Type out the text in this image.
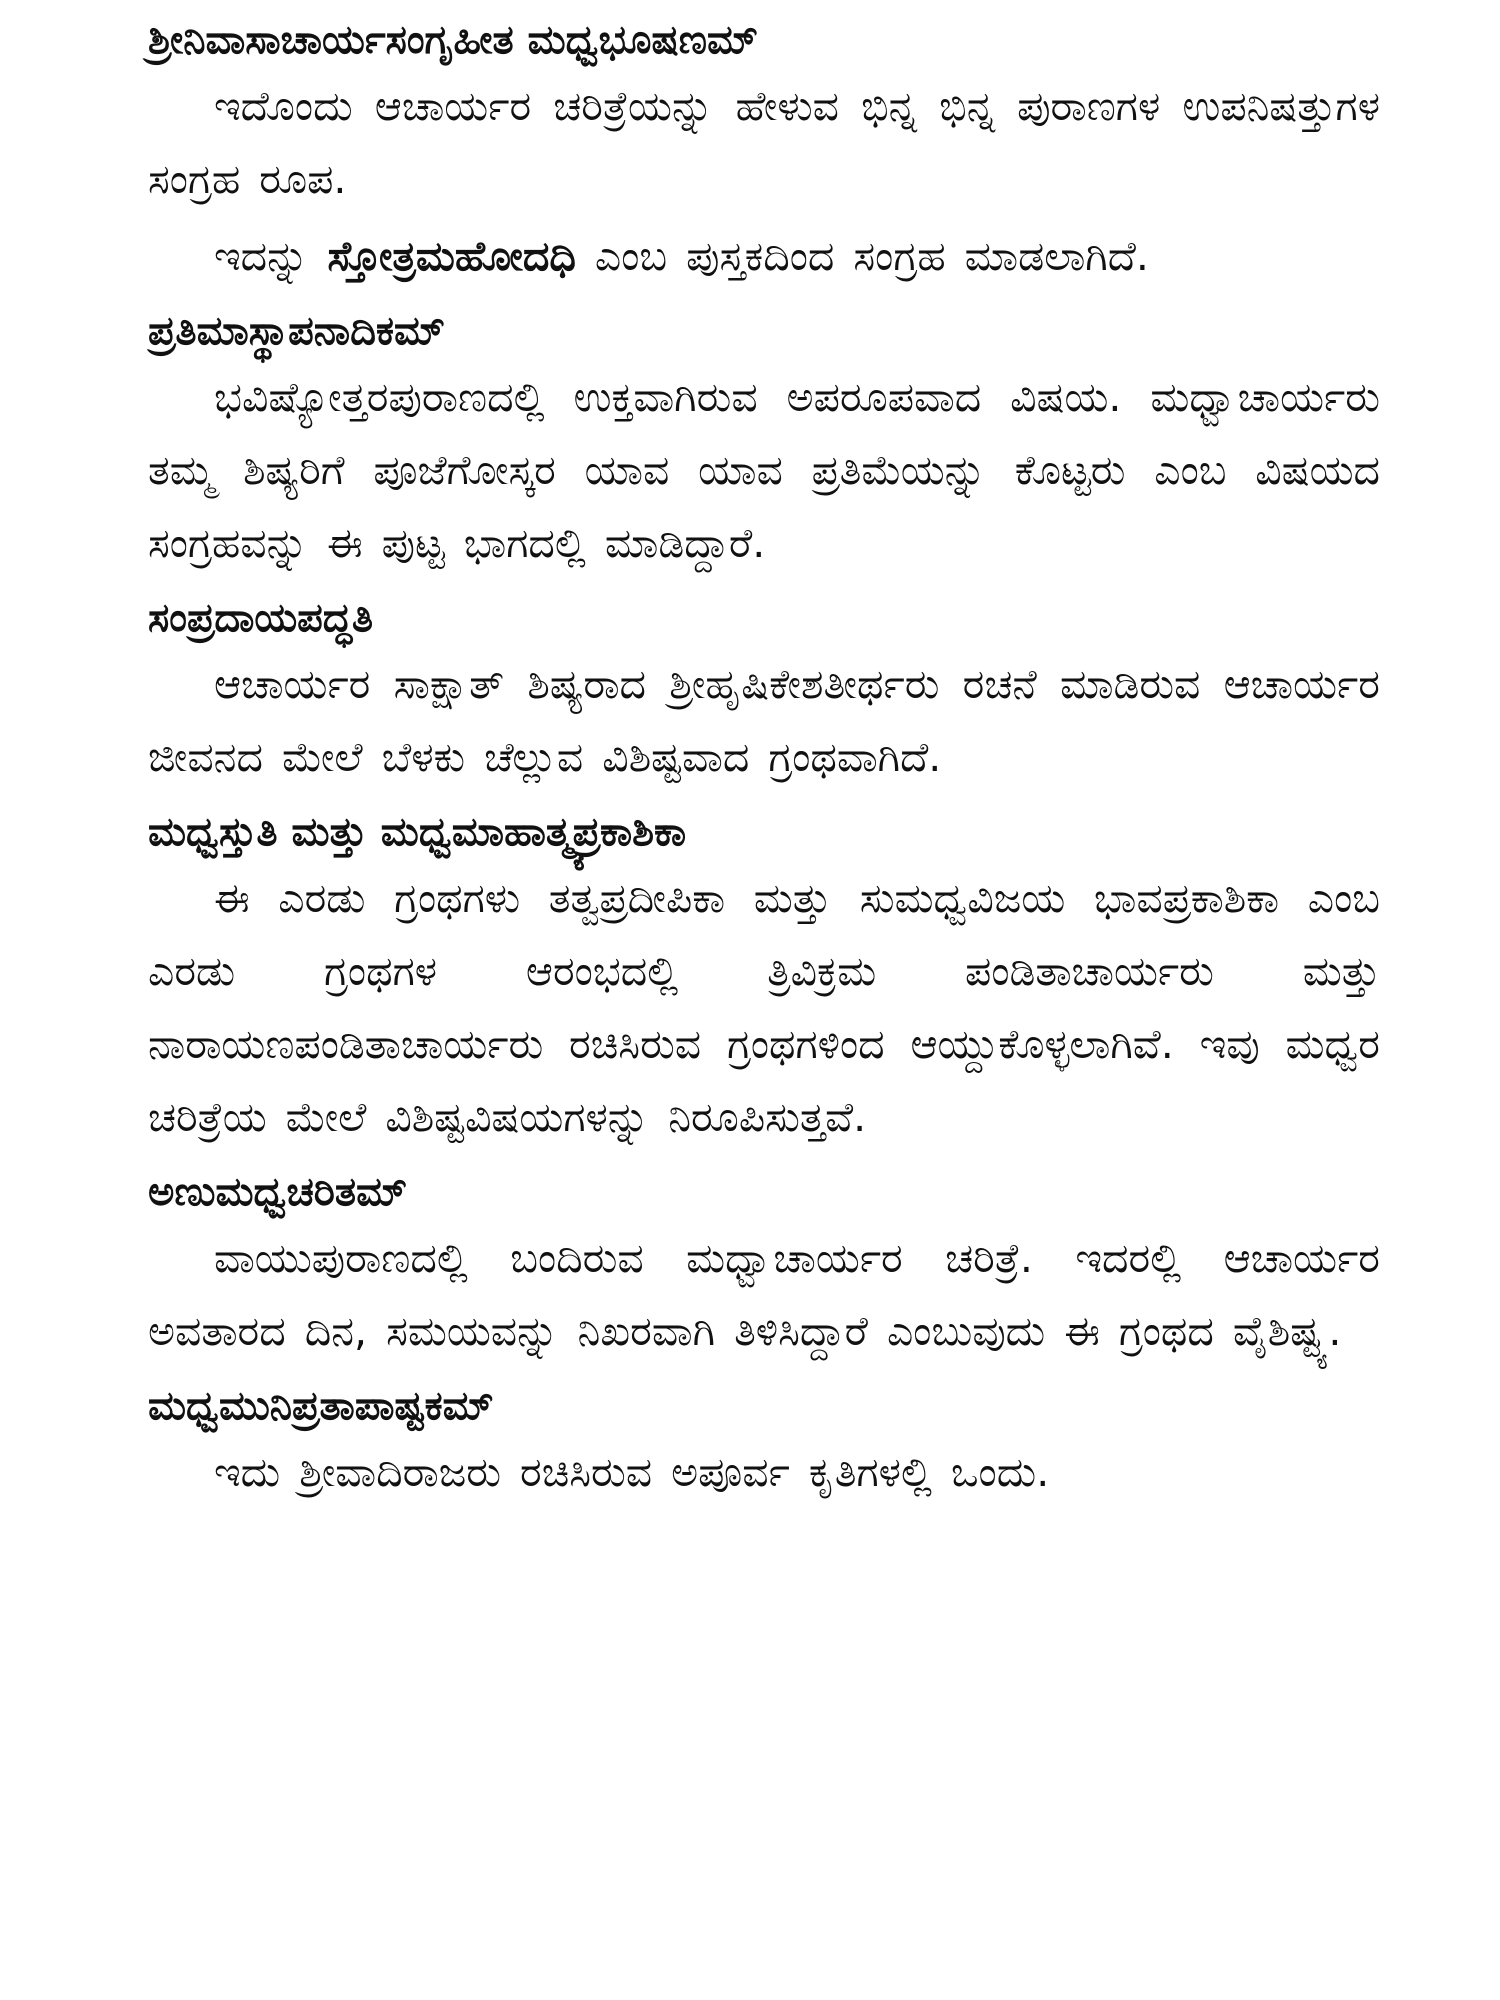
ಶ್ರೀನಿವಾಸಾಚಾರ್ಯಸಂಗೃಹೀತ ಮಧ್ವಭೂಷಣಮ್

ಇದೊಂದು ಆಚಾರ್ಯರ ಚರಿತ್ರೆಯನ್ನು ಹೇಳುವ ಭಿನ್ನ ಭಿನ್ನ ಪುರಾಣಗಳ ಉಪನಿಷತ್ತುಗಳ ಸಂಗ್ರಹ ರೂಪ.

ಇದನ್ನು ಸ್ತೋತ್ರಮಹೋದಧಿ ಎಂಬ ಪುಸ್ತಕದಿಂದ ಸಂಗ್ರಹ ಮಾಡಲಾಗಿದೆ.

ಪ್ರತಿಮಾಸ್ಥಾಪನಾದಿಕಮ್

ಭವಿಷ್ಯೋತ್ತರಪುರಾಣದಲ್ಲಿ ಉಕ್ತವಾಗಿರುವ ಅಪರೂಪವಾದ ವಿಷಯ. ಮಧ್ವಾಚಾರ್ಯರು ತಮ್ಮ ಶಿಷ್ಯರಿಗೆ ಪೂಜೆಗೋಸ್ಕರ ಯಾವ ಯಾವ ಪ್ರತಿಮೆಯನ್ನು ಕೊಟ್ಟರು ಎಂಬ ವಿಷಯದ ಸಂಗ್ರಹವನ್ನು ಈ ಪುಟ್ಟ ಭಾಗದಲ್ಲಿ ಮಾಡಿದ್ದಾರೆ.

ಸಂಪ್ರದಾಯಪದ್ಧತಿ

ಆಚಾರ್ಯರ ಸಾಕ್ಷಾತ್ ಶಿಷ್ಯರಾದ ಶ್ರೀಹೃಷಿಕೇಶತೀರ್ಥರು ರಚನೆ ಮಾಡಿರುವ ಆಚಾರ್ಯರ ಜೀವನದ ಮೇಲೆ ಬೆಳಕು ಚೆಲ್ಲುವ ವಿಶಿಷ್ಟವಾದ ಗ್ರಂಥವಾಗಿದೆ.

ಮಧ್ವಸ್ತುತಿ ಮತ್ತು ಮಧ್ವಮಾಹಾತ್ಮ್ಯಪ್ರಕಾಶಿಕಾ

ಈ ಎರಡು ಗ್ರಂಥಗಳು ತತ್ವಪ್ರದೀಪಿಕಾ ಮತ್ತು ಸುಮಧ್ವವಿಜಯ ಭಾವಪ್ರಕಾಶಿಕಾ ಎಂಬ ಎರಡು ಗ್ರಂಥಗಳ ಆರಂಭದಲ್ಲಿ ತ್ರಿವಿಕ್ರಮ ಪಂಡಿತಾಚಾರ್ಯರು ಮತ್ತು ನಾರಾಯಣಪಂಡಿತಾಚಾರ್ಯರು ರಚಿಸಿರುವ ಗ್ರಂಥಗಳಿಂದ ಆಯ್ದುಕೊಳ್ಳಲಾಗಿವೆ. ಇವು ಮಧ್ವರ ಚರಿತ್ರೆಯ ಮೇಲೆ ವಿಶಿಷ್ಟವಿಷಯಗಳನ್ನು ನಿರೂಪಿಸುತ್ತವೆ.

ಅಣುಮಧ್ವಚರಿತಮ್

ವಾಯುಪುರಾಣದಲ್ಲಿ ಬಂದಿರುವ ಮಧ್ವಾಚಾರ್ಯರ ಚರಿತ್ರೆ. ಇದರಲ್ಲಿ ಆಚಾರ್ಯರ ಅವತಾರದ ದಿನ, ಸಮಯವನ್ನು ನಿಖರವಾಗಿ ತಿಳಿಸಿದ್ದಾರೆ ಎಂಬುವುದು ಈ ಗ್ರಂಥದ ವೈಶಿಷ್ಟ್ಯ.

ಮಧ್ವಮುನಿಪ್ರತಾಪಾಷ್ಟಕಮ್

ಇದು ಶ್ರೀವಾದಿರಾಜರು ರಚಿಸಿರುವ ಅಪೂರ್ವ ಕೃತಿಗಳಲ್ಲಿ ಒಂದು.
